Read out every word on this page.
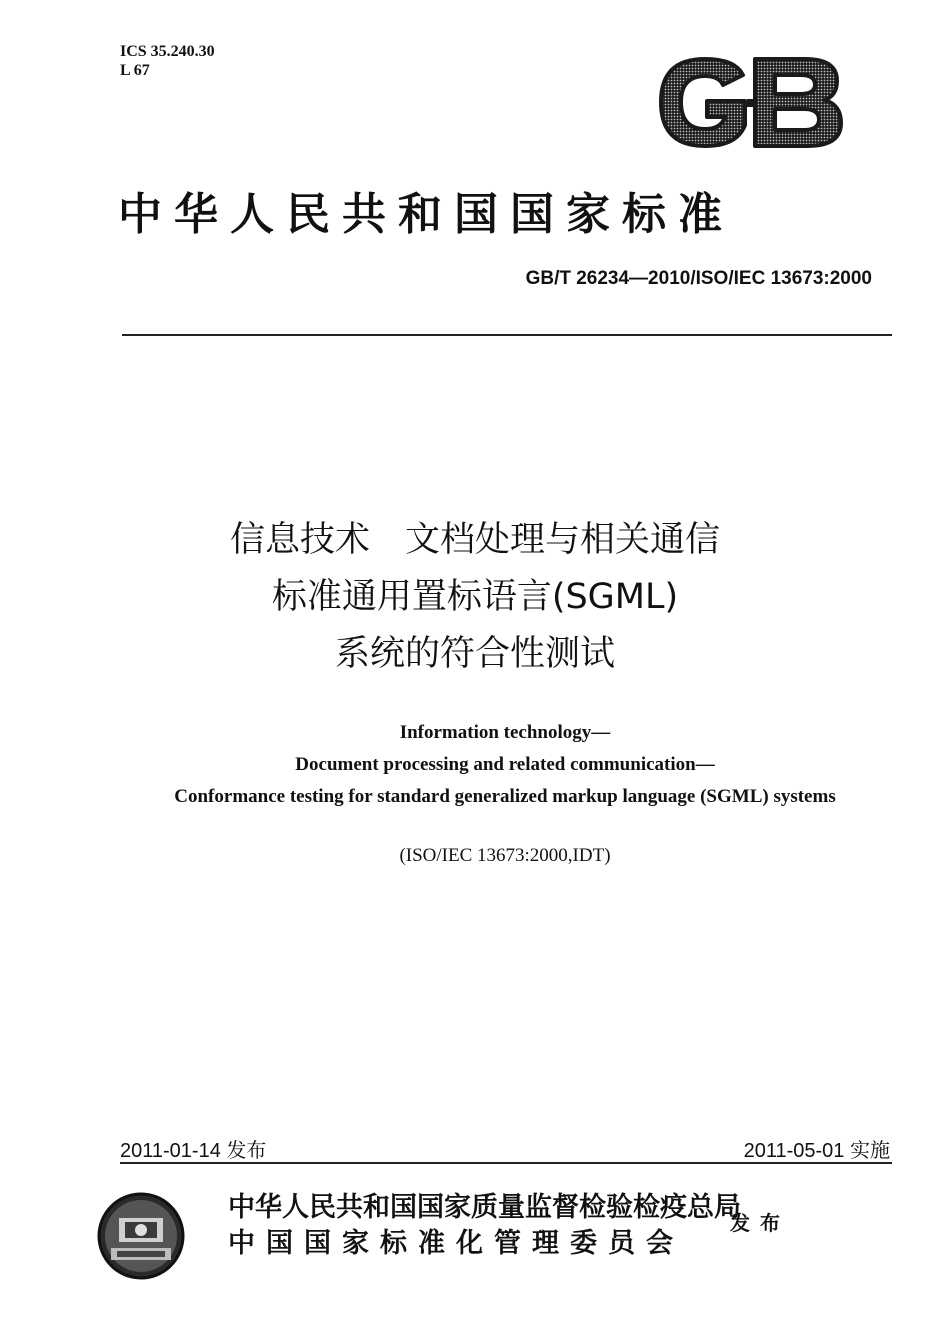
ICS 35.240.30
L 67
中华人民共和国国家标准
GB/T 26234—2010/ISO/IEC 13673:2000
信息技术　文档处理与相关通信
标准通用置标语言(SGML)
系统的符合性测试
Information technology—
Document processing and related communication—
Conformance testing for standard generalized markup language (SGML) systems
(ISO/IEC 13673:2000,IDT)
2011-01-14 发布	2011-05-01 实施
中华人民共和国国家质量监督检验检疫总局
中国国家标准化管理委员会
发布
